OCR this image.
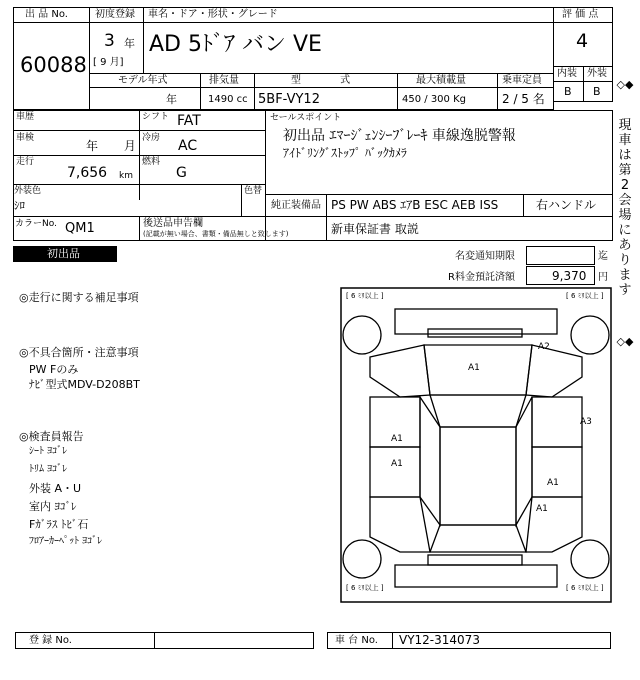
出 品 No.
60088
初度登録
3 年
[ 9 月]
車名・ドア・形状・グレード
AD 5ﾄﾞｱ バン VE
モデル年式	排気量	型 式	最大積載量	乗車定員
年	1490 cc 5BF-VY12	450 / 300 Kg	2 / 5 名
評 価 点
4
内装 外装
B B
◇◆
現
車
は
第
2
会
場
に
あ
り
ま
す
◇◆
車歴	シフト FAT
車検
年 月
冷房 AC
走行
7,656 km
燃料
G
外装色
ｼﾛ
色替
カラーNo. QM1	後送品申告欄
(記載が無い場合、書類・備品無しと致します)
セールスポイント
初出品 ｴﾏｰｼﾞｪﾝｼｰﾌﾞﾚｰｷ 車線逸脱警報
ｱｲﾄﾞﾘﾝｸﾞｽﾄｯﾌﾟ ﾊﾞｯｸｶﾒﾗ
純正装備品 PS PW ABS ｴｱB ESC AEB ISS	右ハンドル
新車保証書 取説
初出品	名変通知期限	迄
R料金預託済額	9,370 円
◎走行に関する補足事項
◎不具合箇所・注意事項
PW Fのみ
ﾅﾋﾞ型式MDV-D208BT
◎検査員報告
ｼｰﾄ ﾖｺﾞﾚ
ﾄﾘﾑ ﾖｺﾞﾚ
外装 A・U
室内 ﾖｺﾞﾚ
Fｶﾞﾗｽ ﾄﾋﾞ石
ﾌﾛｱｰｶｰﾍﾟｯﾄ ﾖｺﾞﾚ
[ 6 ﾐﾘ以上 ]	[ 6 ﾐﾘ以上 ]
[ 6 ﾐﾘ以上 ]	[ 6 ﾐﾘ以上 ]
A2
A1
A1
A1
A3
A1
A1
登 録 No.	車 台 No. VY12-314073
